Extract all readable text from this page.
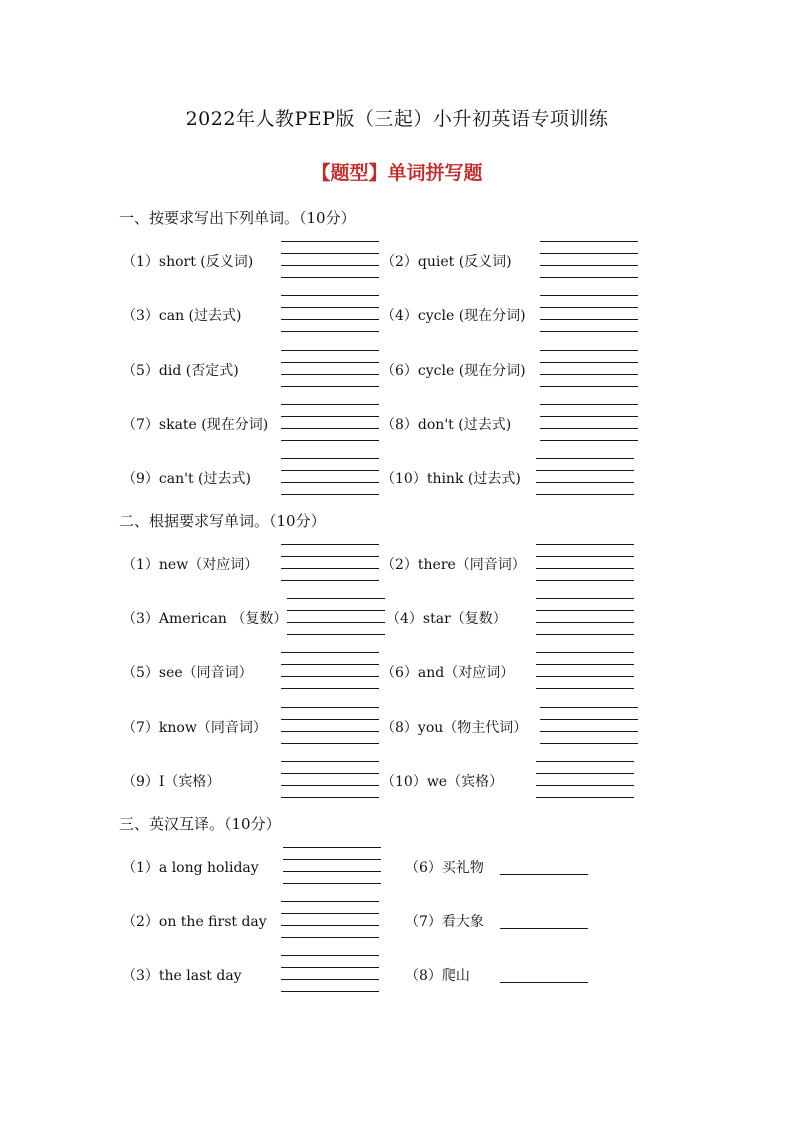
2022年人教PEP版（三起）小升初英语专项训练
【题型】单词拼写题
一、按要求写出下列单词。（10分）
（1）short (反义词)	（2）quiet (反义词)
（3）can (过去式)	（4）cycle (现在分词)
（5）did (否定式)	（6）cycle (现在分词)
（7）skate (现在分词)	（8）don't (过去式)
（9）can't (过去式)	（10）think (过去式)
二、根据要求写单词。（10分）
（1）new（对应词）	（2）there（同音词）
（3）American （复数）	（4）star（复数）
（5）see（同音词）	（6）and（对应词）
（7）know（同音词）	（8）you（物主代词）
（9）I（宾格）	（10）we（宾格）
三、英汉互译。（10分）
（1）a long holiday	（6）买礼物
（2）on the first day	（7）看大象
（3）the last day	（8）爬山
